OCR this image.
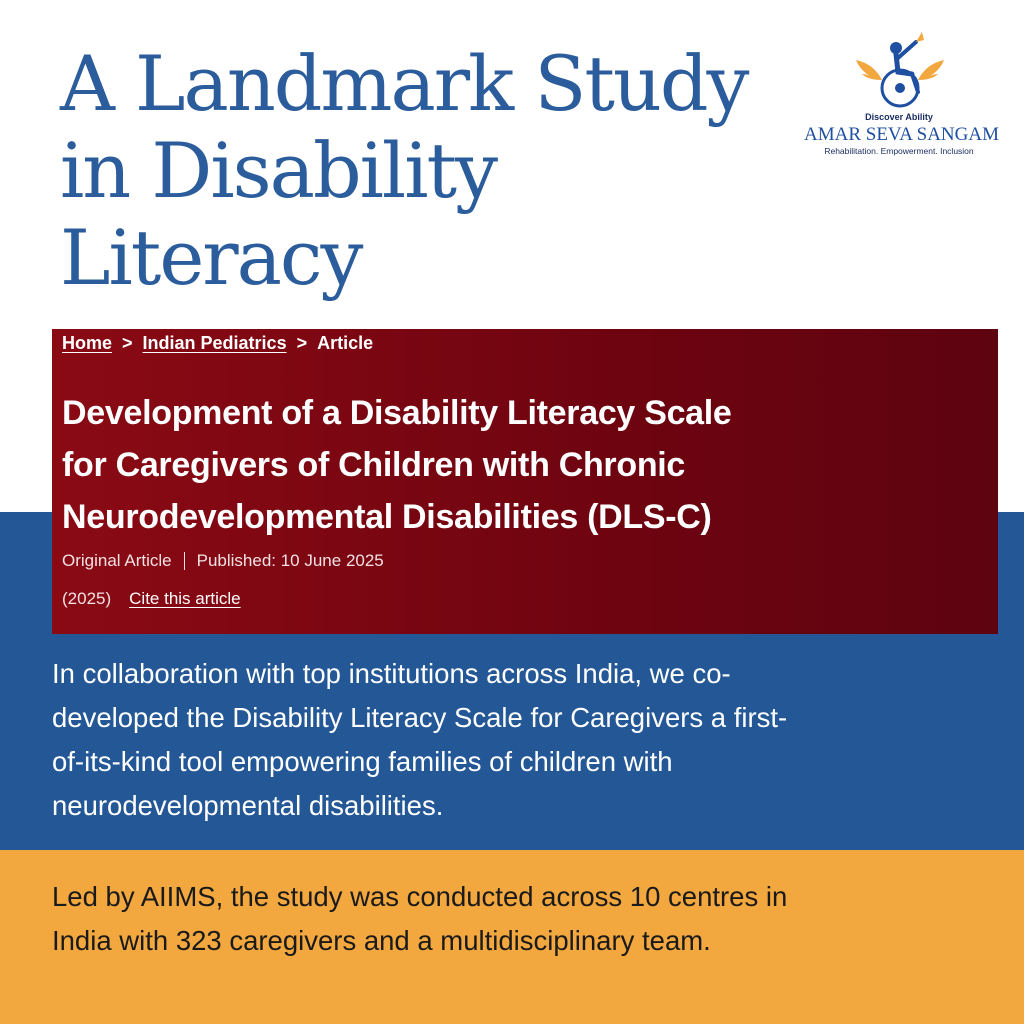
A Landmark Study
in Disability
Literacy
Discover Ability
AMAR SEVA SANGAM
Rehabilitation. Empowerment. Inclusion
Home > Indian Pediatrics > Article
Development of a Disability Literacy Scale
for Caregivers of Children with Chronic
Neurodevelopmental Disabilities (DLS-C)
Original Article Published: 10 June 2025
(2025) Cite this article

In collaboration with top institutions across India, we co-
developed the Disability Literacy Scale for Caregivers a first-
of-its-kind tool empowering families of children with
neurodevelopmental disabilities.

Led by AIIMS, the study was conducted across 10 centres in
India with 323 caregivers and a multidisciplinary team.
